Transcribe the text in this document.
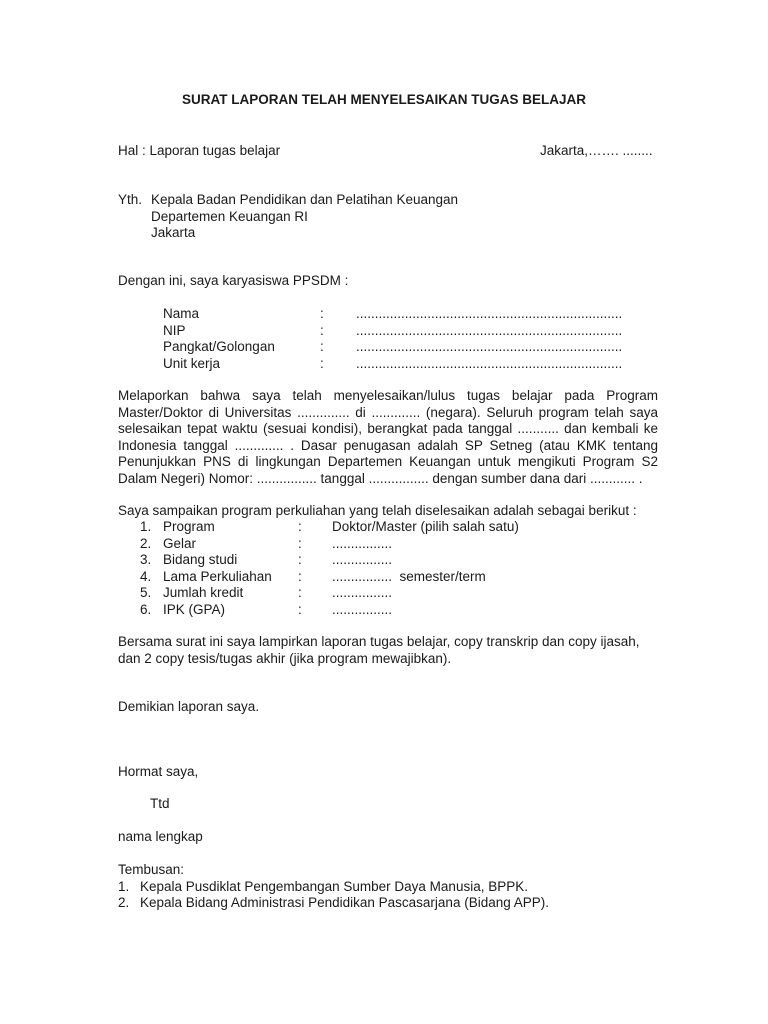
SURAT LAPORAN TELAH MENYELESAIKAN TUGAS BELAJAR
Hal : Laporan tugas belajar	Jakarta,……. ........
Yth. Kepala Badan Pendidikan dan Pelatihan Keuangan
Departemen Keuangan RI
Jakarta
Dengan ini, saya karyasiswa PPSDM :
Nama	: .......................................................................
NIP	: .......................................................................
Pangkat/Golongan	: .......................................................................
Unit kerja	: .......................................................................
Melaporkan bahwa saya telah menyelesaikan/lulus tugas belajar pada Program
Master/Doktor di Universitas .............. di ............. (negara). Seluruh program telah saya
selesaikan tepat waktu (sesuai kondisi), berangkat pada tanggal ........... dan kembali ke
Indonesia tanggal ............. . Dasar penugasan adalah SP Setneg (atau KMK tentang
Penunjukkan PNS di lingkungan Departemen Keuangan untuk mengikuti Program S2
Dalam Negeri) Nomor: ................ tanggal ................ dengan sumber dana dari ............ .
Saya sampaikan program perkuliahan yang telah diselesaikan adalah sebagai berikut :
1. Program	: Doktor/Master (pilih salah satu)
2. Gelar	: ................
3. Bidang studi	: ................
4. Lama Perkuliahan : ................  semester/term
5. Jumlah kredit	: ................
6. IPK (GPA)	: ................
Bersama surat ini saya lampirkan laporan tugas belajar, copy transkrip dan copy ijasah,
dan 2 copy tesis/tugas akhir (jika program mewajibkan).
Demikian laporan saya.
Hormat saya,
Ttd
nama lengkap
Tembusan:
1. Kepala Pusdiklat Pengembangan Sumber Daya Manusia, BPPK.
2. Kepala Bidang Administrasi Pendidikan Pascasarjana (Bidang APP).
